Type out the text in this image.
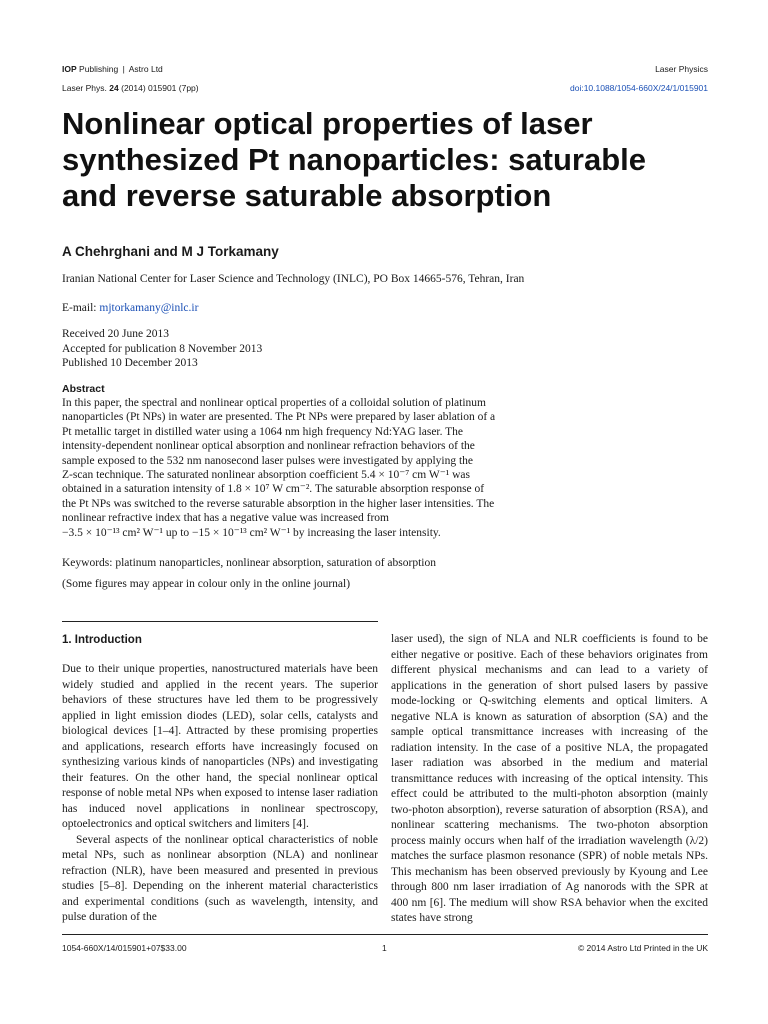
IOP Publishing | Astro Ltd	Laser Physics
Laser Phys. 24 (2014) 015901 (7pp)	doi:10.1088/1054-660X/24/1/015901
Nonlinear optical properties of laser
synthesized Pt nanoparticles: saturable
and reverse saturable absorption
A Chehrghani and M J Torkamany
Iranian National Center for Laser Science and Technology (INLC), PO Box 14665-576, Tehran, Iran
E-mail: mjtorkamany@inlc.ir
Received 20 June 2013
Accepted for publication 8 November 2013
Published 10 December 2013
Abstract
In this paper, the spectral and nonlinear optical properties of a colloidal solution of platinum
nanoparticles (Pt NPs) in water are presented. The Pt NPs were prepared by laser ablation of a
Pt metallic target in distilled water using a 1064 nm high frequency Nd:YAG laser. The
intensity-dependent nonlinear optical absorption and nonlinear refraction behaviors of the
sample exposed to the 532 nm nanosecond laser pulses were investigated by applying the
Z-scan technique. The saturated nonlinear absorption coefficient 5.4 × 10⁻⁷ cm W⁻¹ was
obtained in a saturation intensity of 1.8 × 10⁷ W cm⁻². The saturable absorption response of
the Pt NPs was switched to the reverse saturable absorption in the higher laser intensities. The
nonlinear refractive index that has a negative value was increased from
−3.5 × 10⁻¹³ cm² W⁻¹ up to −15 × 10⁻¹³ cm² W⁻¹ by increasing the laser intensity.
Keywords: platinum nanoparticles, nonlinear absorption, saturation of absorption
(Some figures may appear in colour only in the online journal)
1. Introduction

Due to their unique properties, nanostructured materials have been widely studied and applied in the recent years. The superior behaviors of these structures have led them to be progressively applied in light emission diodes (LED), solar cells, catalysts and biological devices [1–4]. Attracted by these promising properties and applications, research efforts have increasingly focused on synthesizing various kinds of nanoparticles (NPs) and investigating their features. On the other hand, the special nonlinear optical response of noble metal NPs when exposed to intense laser radiation has induced novel applications in nonlinear spectroscopy, optoelectronics and optical switchers and limiters [4].

Several aspects of the nonlinear optical characteristics of noble metal NPs, such as nonlinear absorption (NLA) and nonlinear refraction (NLR), have been measured and presented in previous studies [5–8]. Depending on the inherent material characteristics and experimental conditions (such as wavelength, intensity, and pulse duration of the

laser used), the sign of NLA and NLR coefficients is found to be either negative or positive. Each of these behaviors originates from different physical mechanisms and can lead to a variety of applications in the generation of short pulsed lasers by passive mode-locking or Q-switching elements and optical limiters. A negative NLA is known as saturation of absorption (SA) and the sample optical transmittance increases with increasing of the radiation intensity. In the case of a positive NLA, the propagated laser radiation was absorbed in the medium and material transmittance reduces with increasing of the optical intensity. This effect could be attributed to the multi-photon absorption (mainly two-photon absorption), reverse saturation of absorption (RSA), and nonlinear scattering mechanisms. The two-photon absorption process mainly occurs when half of the irradiation wavelength (λ/2) matches the surface plasmon resonance (SPR) of noble metals NPs. This mechanism has been observed previously by Kyoung and Lee through 800 nm laser irradiation of Ag nanorods with the SPR at 400 nm [6]. The medium will show RSA behavior when the excited states have strong

1054-660X/14/015901+07$33.00	1	© 2014 Astro Ltd Printed in the UK
